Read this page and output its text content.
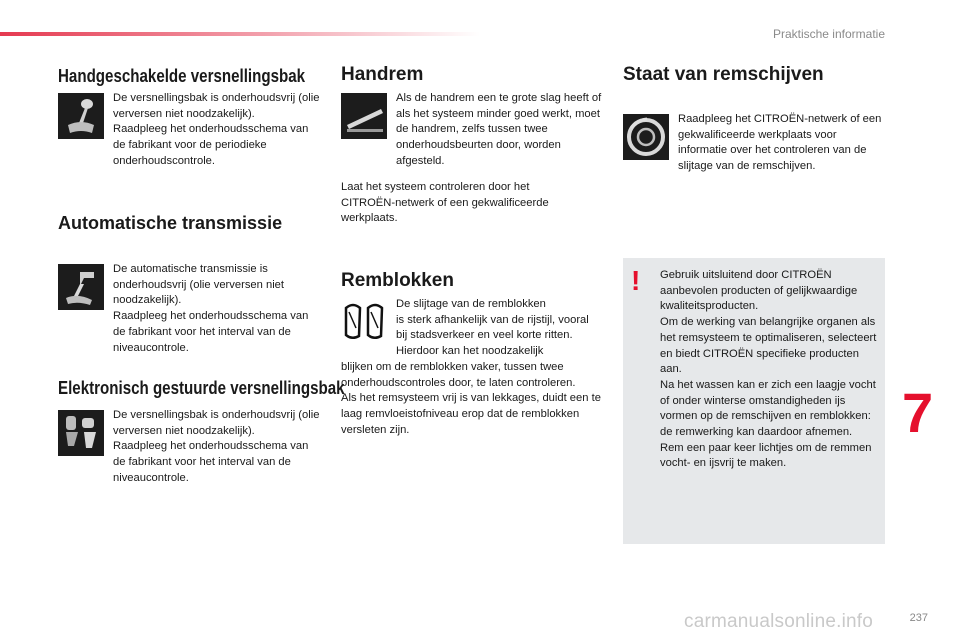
Praktische informatie
Handgeschakelde versnellingsbak

De versnellingsbak is onderhoudsvrij (olie verversen niet noodzakelijk).
Raadpleeg het onderhoudsschema van de fabrikant voor de periodieke onderhoudscontrole.

Automatische transmissie

De automatische transmissie is onderhoudsvrij (olie verversen niet noodzakelijk).
Raadpleeg het onderhoudsschema van de fabrikant voor het interval van de niveaucontrole.

Elektronisch gestuurde versnellingsbak

De versnellingsbak is onderhoudsvrij (olie verversen niet noodzakelijk).
Raadpleeg het onderhoudsschema van de fabrikant voor het interval van de niveaucontrole.

Handrem

Als de handrem een te grote slag heeft of als het systeem minder goed werkt, moet de handrem, zelfs tussen twee onderhoudsbeurten door, worden afgesteld.

Laat het systeem controleren door het CITROËN-netwerk of een gekwalificeerde werkplaats.

Remblokken

De slijtage van de remblokken
is sterk afhankelijk van de rijstijl, vooral bij stadsverkeer en veel korte ritten. Hierdoor kan het noodzakelijk

blijken om de remblokken vaker, tussen twee onderhoudscontroles door, te laten controleren.
Als het remsysteem vrij is van lekkages, duidt een te laag remvloeistofniveau erop dat de remblokken versleten zijn.

Staat van remschijven

Raadpleeg het CITROËN-netwerk of een gekwalificeerde werkplaats voor informatie over het controleren van de slijtage van de remschijven.

! Gebruik uitsluitend door CITROËN aanbevolen producten of gelijkwaardige kwaliteitsproducten.
Om de werking van belangrijke organen als het remsysteem te optimaliseren, selecteert en biedt CITROËN specifieke producten aan.
Na het wassen kan er zich een laagje vocht of onder winterse omstandigheden ijs vormen op de remschijven en remblokken: de remwerking kan daardoor afnemen.
Rem een paar keer lichtjes om de remmen vocht- en ijsvrij te maken.

7
carmanualsonline.info	237
